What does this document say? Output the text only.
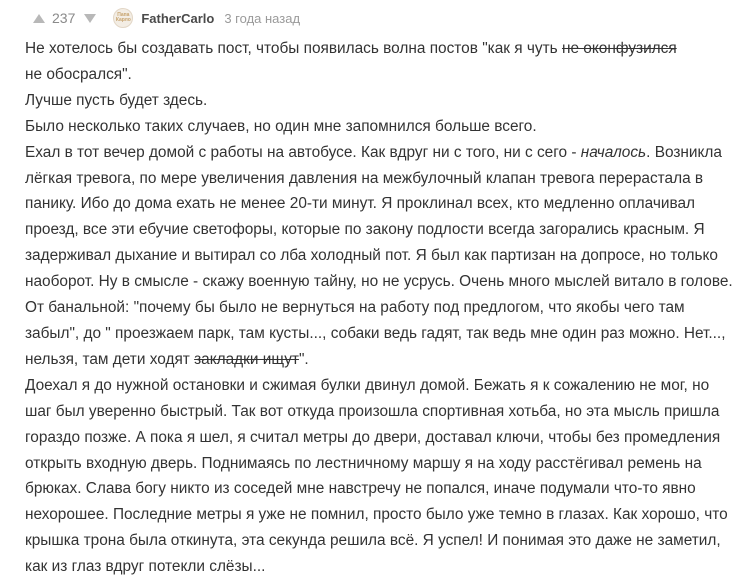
237	Папа Карло FatherCarlo 3 года назад

Не хотелось бы создавать пост, чтобы появилась волна постов "как я чуть не оконфузился

не обосрался".

Лучше пусть будет здесь.

Было несколько таких случаев, но один мне запомнился больше всего.

Ехал в тот вечер домой с работы на автобусе. Как вдруг ни с того, ни с сего - началось. Возникла

лёгкая тревога, по мере увеличения давления на межбулочный клапан тревога перерастала в

панику. Ибо до дома ехать не менее 20-ти минут. Я проклинал всех, кто медленно оплачивал

проезд, все эти ебучие светофоры, которые по закону подлости всегда загорались красным. Я

задерживал дыхание и вытирал со лба холодный пот. Я был как партизан на допросе, но только

наоборот. Ну в смысле - скажу военную тайну, но не усрусь. Очень много мыслей витало в голове.

От банальной: "почему бы было не вернуться на работу под предлогом, что якобы чего там

забыл", до " проезжаем парк, там кусты..., собаки ведь гадят, так ведь мне один раз можно. Нет...,

нельзя, там дети ходят закладки ищут".

Доехал я до нужной остановки и сжимая булки двинул домой. Бежать я к сожалению не мог, но

шаг был уверенно быстрый. Так вот откуда произошла спортивная хотьба, но эта мысль пришла

гораздо позже. А пока я шел, я считал метры до двери, доставал ключи, чтобы без промедления

открыть входную дверь. Поднимаясь по лестничному маршу я на ходу расстёгивал ремень на

брюках. Слава богу никто из соседей мне навстречу не попался, иначе подумали что-то явно

нехорошее. Последние метры я уже не помнил, просто было уже темно в глазах. Как хорошо, что

крышка трона была откинута, эта секунда решила всё. Я успел! И понимая это даже не заметил,

как из глаз вдруг потекли слёзы...
